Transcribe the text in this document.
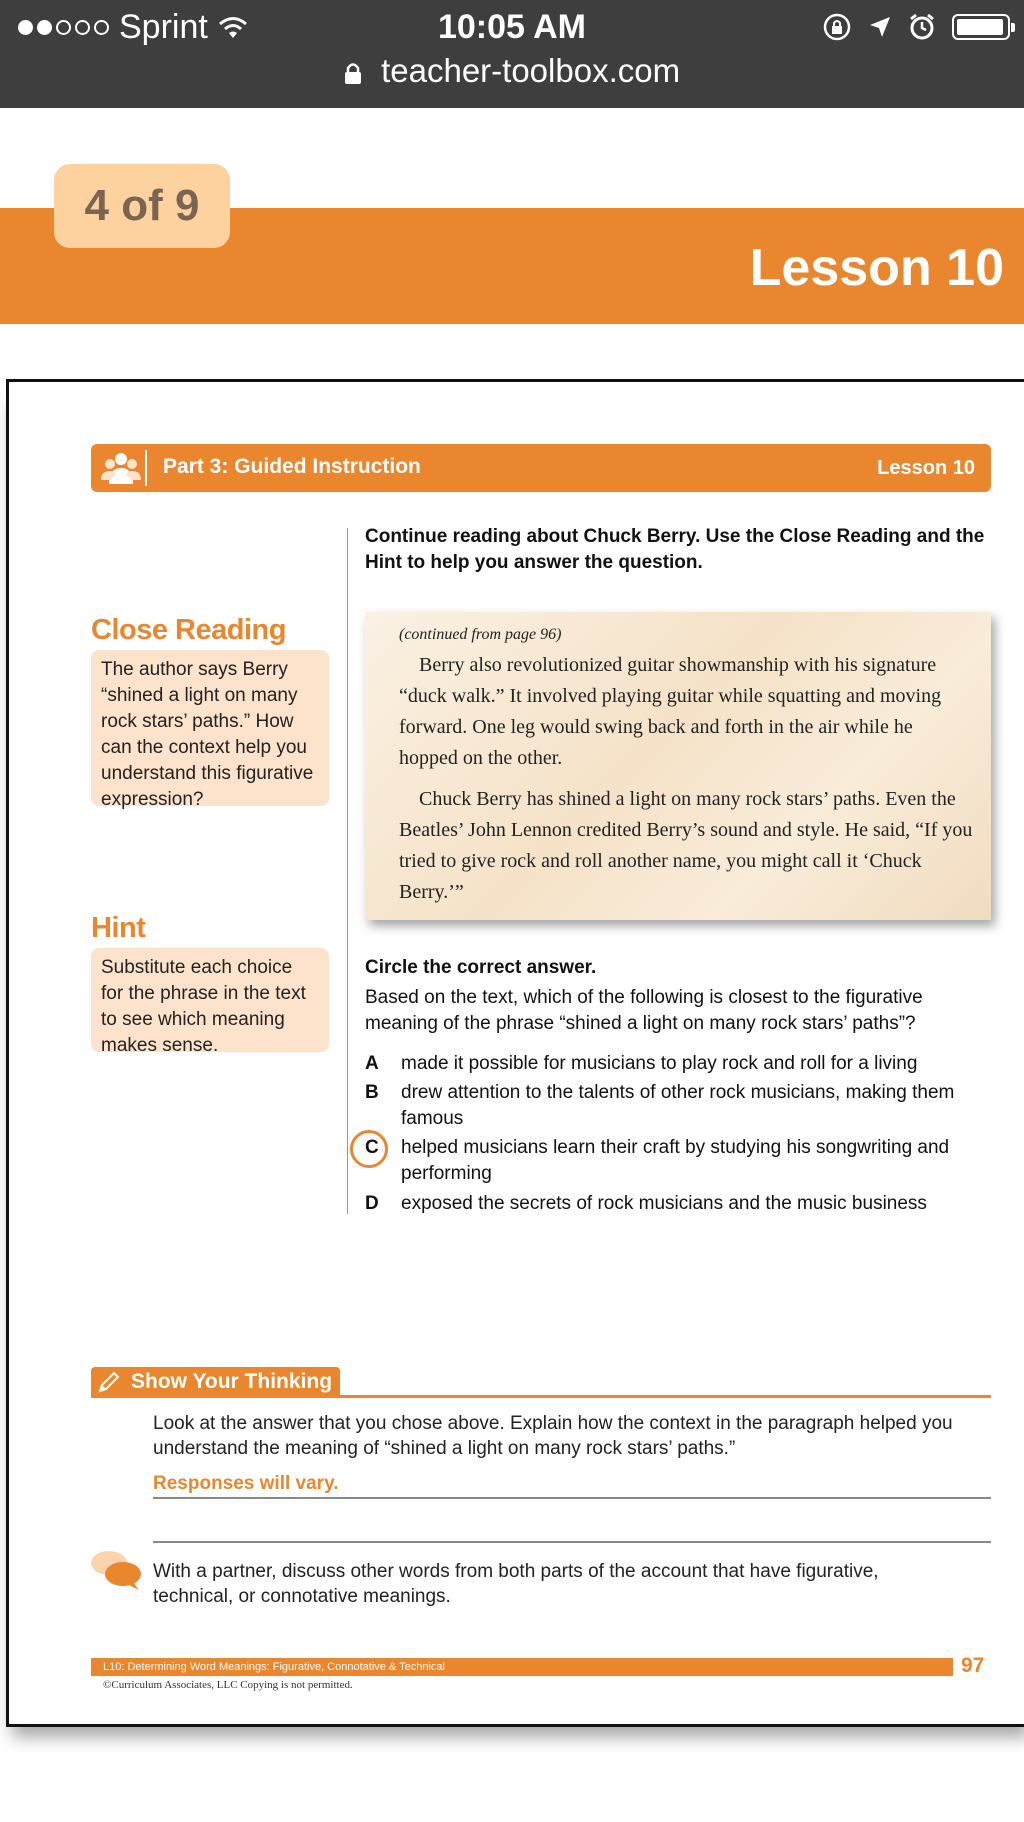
Sprint	10:05 AM
teacher-toolbox.com
Lesson 10
4 of 9
Part 3: Guided Instruction	Lesson 10
Continue reading about Chuck Berry. Use the Close Reading and the Hint to help you answer the question.
Close Reading
The author says Berry “shined a light on many rock stars’ paths.” How can the context help you understand this figurative expression?
Hint
Substitute each choice for the phrase in the text to see which meaning makes sense.
(continued from page 96)

Berry also revolutionized guitar showmanship with his signature “duck walk.” It involved playing guitar while squatting and moving forward. One leg would swing back and forth in the air while he hopped on the other.

Chuck Berry has shined a light on many rock stars’ paths. Even the Beatles’ John Lennon credited Berry’s sound and style. He said, “If you tried to give rock and roll another name, you might call it ‘Chuck Berry.’”

Circle the correct answer.
Based on the text, which of the following is closest to the figurative meaning of the phrase “shined a light on many rock stars’ paths”?
A made it possible for musicians to play rock and roll for a living
B drew attention to the talents of other rock musicians, making them famous
C helped musicians learn their craft by studying his songwriting and performing
D exposed the secrets of rock musicians and the music business
Show Your Thinking
Look at the answer that you chose above. Explain how the context in the paragraph helped you understand the meaning of “shined a light on many rock stars’ paths.”
Responses will vary.
With a partner, discuss other words from both parts of the account that have figurative, technical, or connotative meanings.
L10: Determining Word Meanings: Figurative, Connotative & Technical	97
©Curriculum Associates, LLC Copying is not permitted.
